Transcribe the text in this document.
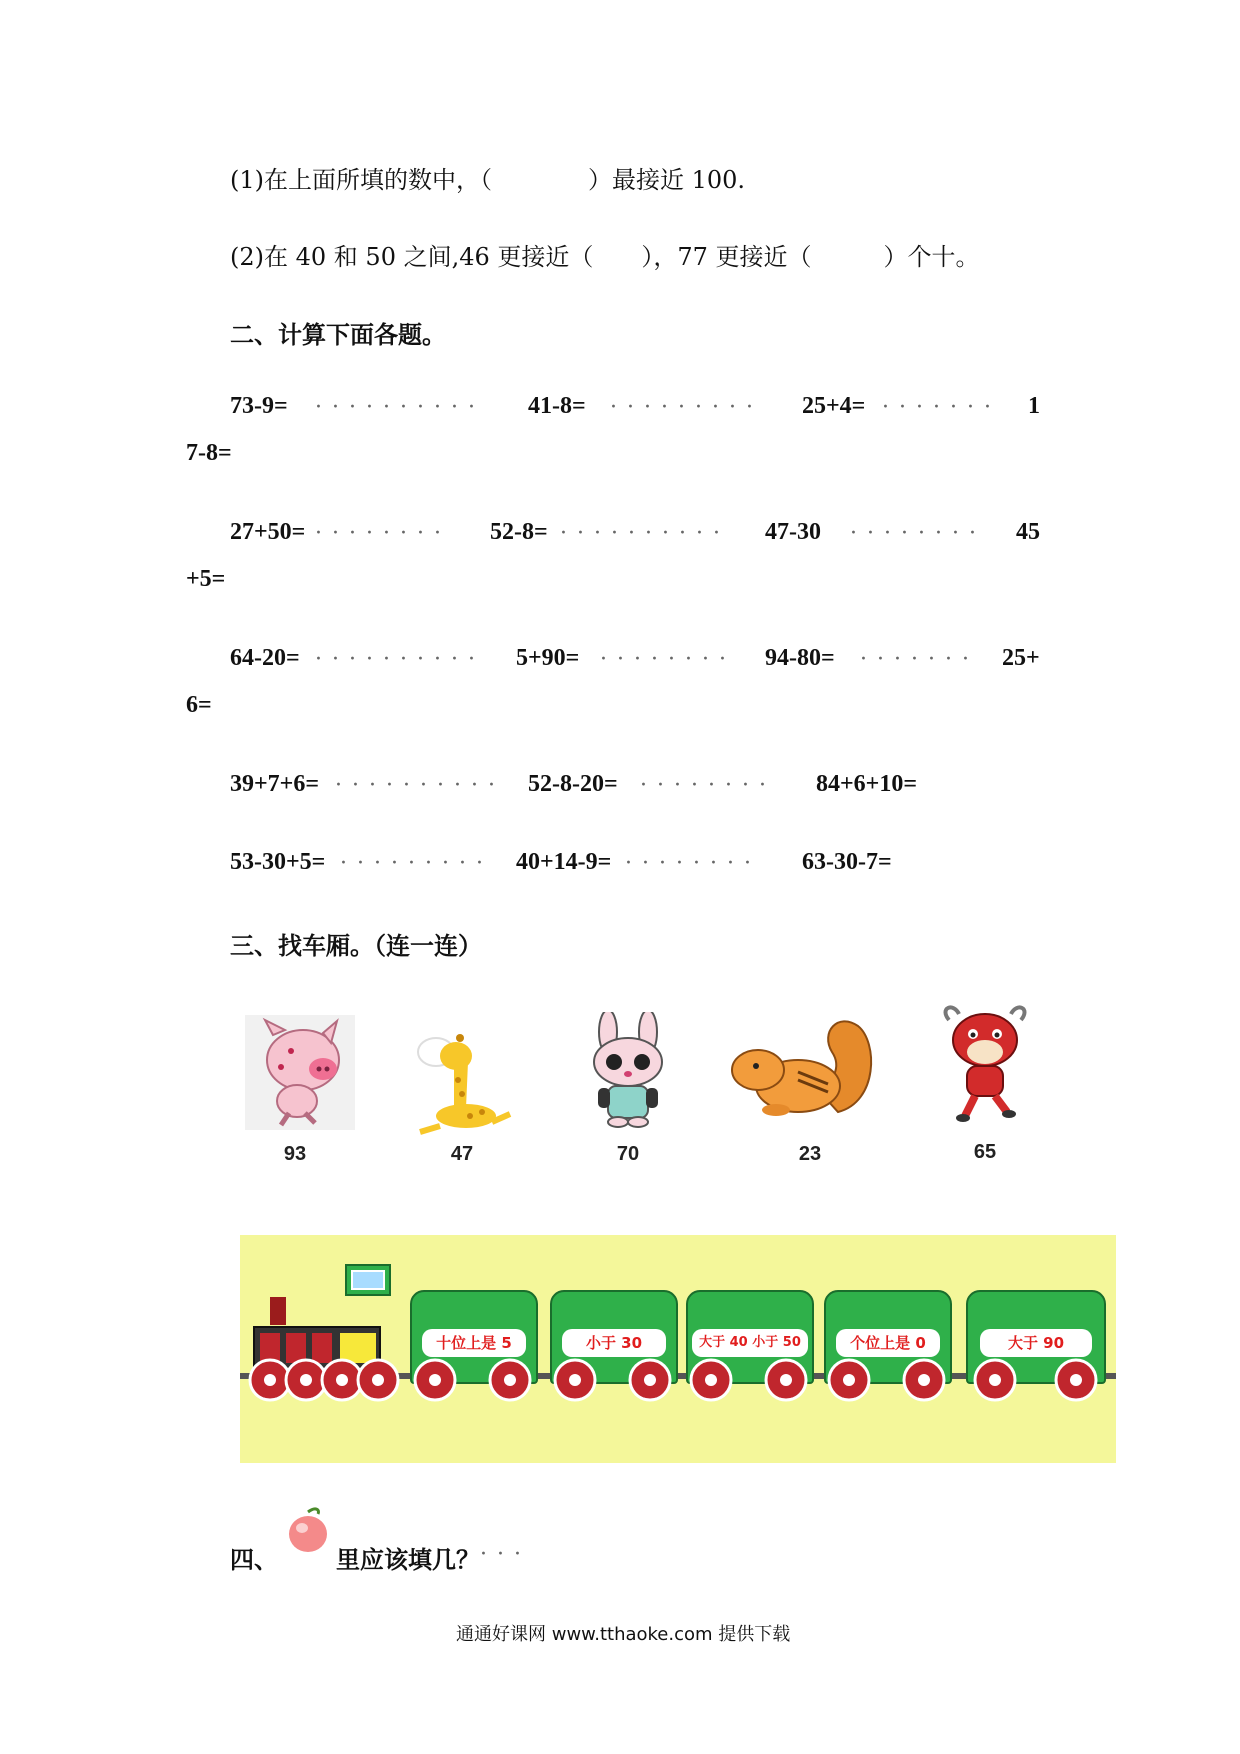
(1)在上面所填的数中，（　　　　）最接近 100.
(2)在 40 和 50 之间,46 更接近（　　），77 更接近（　　　）个十。
二、计算下面各题。
73-9= ·········· 41-8= ········· 25+4= ······· 1
7-8=
27+50= ········ 52-8= ·········· 47-30 ········ 45
+5=
64-20= ·········· 5+90= ········ 94-80= ······· 25+
6=
39+7+6= ·········· 52-8-20= ········ 84+6+10=
53-30+5= ········· 40+14-9= ········ 63-30-7=
三、找车厢。（连一连）
93	47	70	23	65
十位上是 5	小于 30	大于 40 小于 50	个位上是 0	大于 90
四、 里应该填几？ ···
通通好课网 www.tthaoke.com 提供下载
